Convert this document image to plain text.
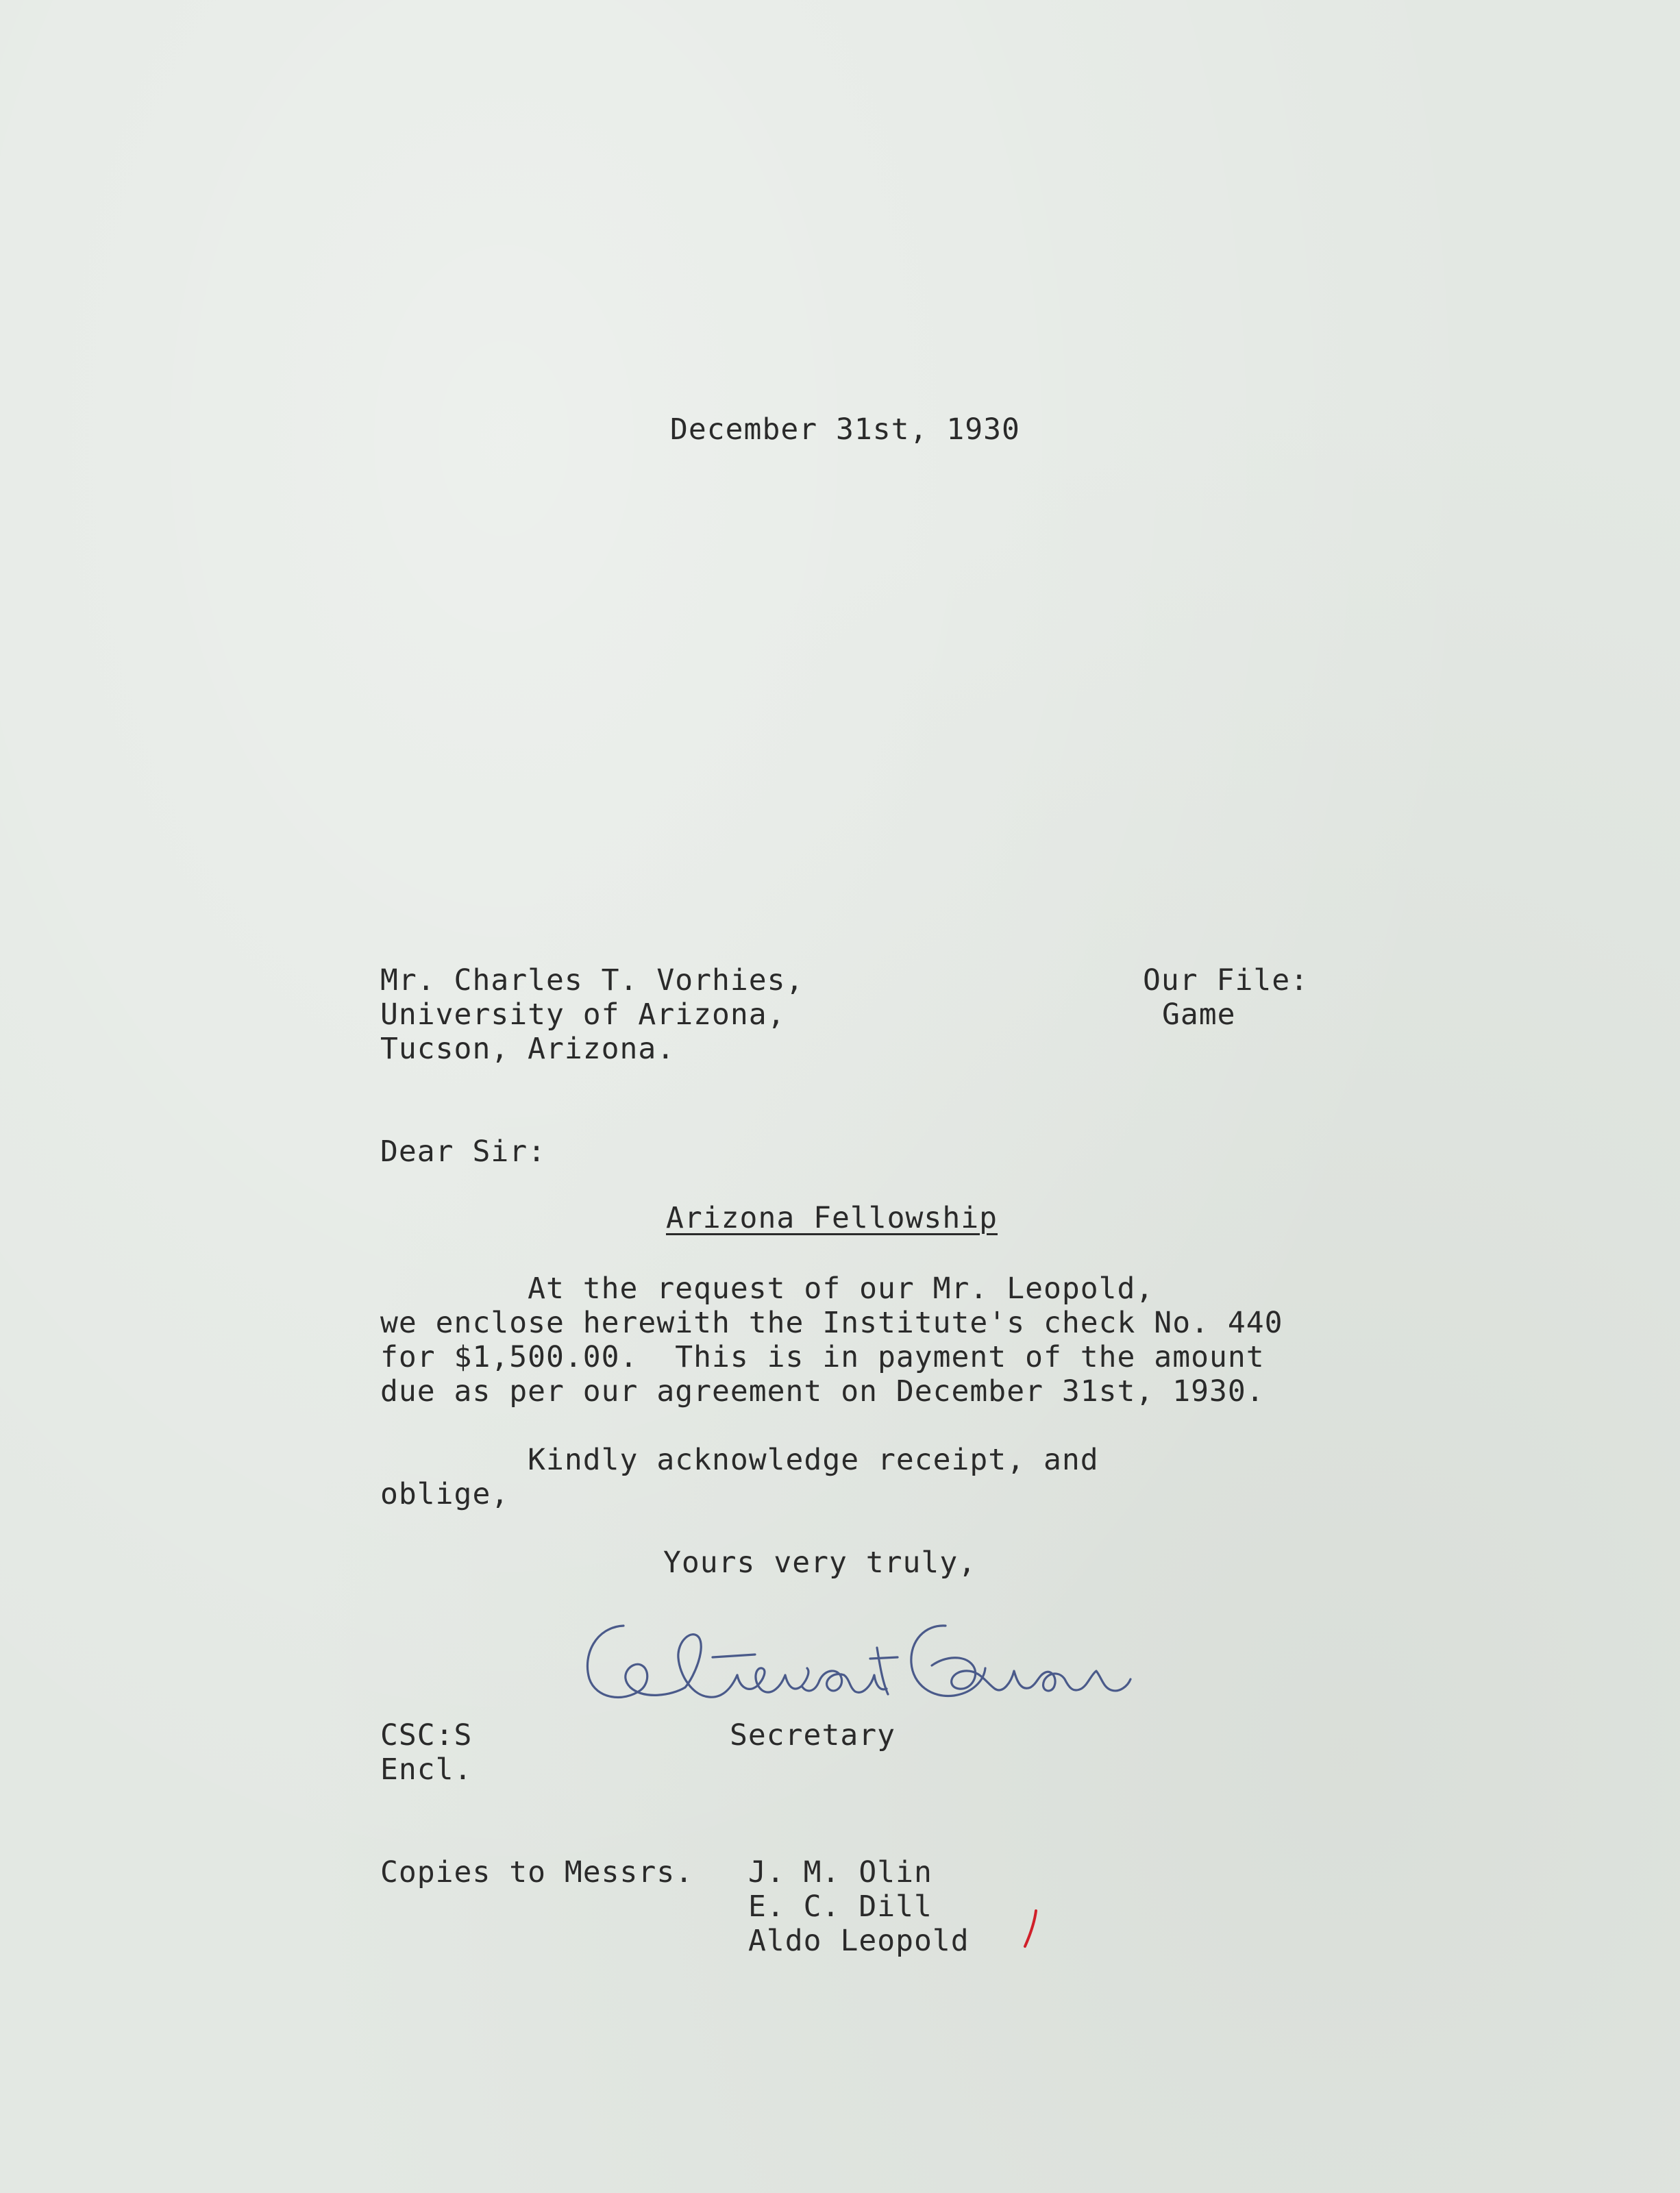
December 31st, 1930
Mr. Charles T. Vorhies,
University of Arizona,
Tucson, Arizona.
Our File:
Game
Dear Sir:
Arizona Fellowship
At the request of our Mr. Leopold,
we enclose herewith the Institute's check No. 440
for $1,500.00.  This is in payment of the amount
due as per our agreement on December 31st, 1930.
Kindly acknowledge receipt, and
oblige,
Yours very truly,
Secretary
CSC:S
Encl.
Copies to Messrs. J. M. Olin
E. C. Dill
Aldo Leopold
